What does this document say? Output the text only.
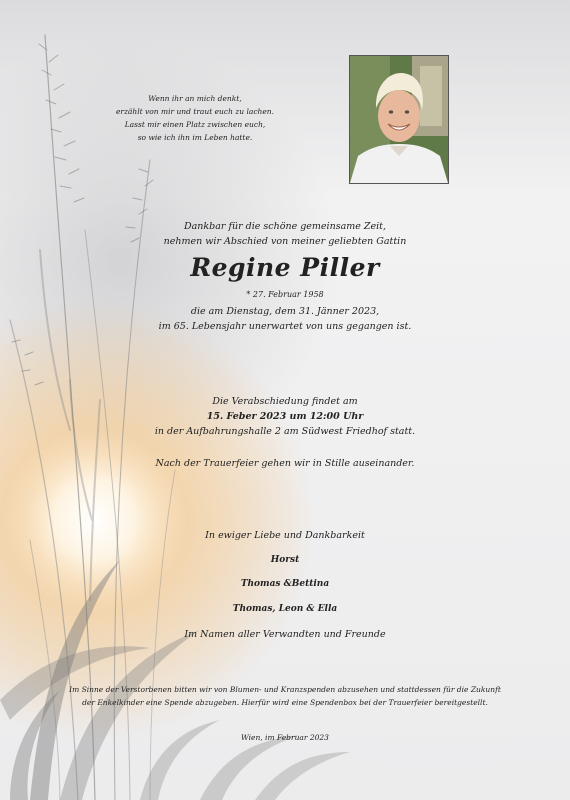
Wenn ihr an mich denkt,
erzählt von mir und traut euch zu lachen.
Lasst mir einen Platz zwischen euch,
so wie ich ihn im Leben hatte.
Dankbar für die schöne gemeinsame Zeit,
nehmen wir Abschied von meiner geliebten Gattin
Regine Piller
* 27. Februar 1958
die am Dienstag, dem 31. Jänner 2023,
im 65. Lebensjahr unerwartet von uns gegangen ist.
Die Verabschiedung findet am
15. Feber 2023 um 12:00 Uhr
in der Aufbahrungshalle 2 am Südwest Friedhof statt.
Nach der Trauerfeier gehen wir in Stille auseinander.
In ewiger Liebe und Dankbarkeit
Horst
Thomas &Bettina
Thomas, Leon & Ella
Im Namen aller Verwandten und Freunde
Im Sinne der Verstorbenen bitten wir von Blumen- und Kranzspenden abzusehen und stattdessen für die Zukunft
der Enkelkinder eine Spende abzugeben. Hierfür wird eine Spendenbox bei der Trauerfeier bereitgestellt.
Wien, im Februar 2023
